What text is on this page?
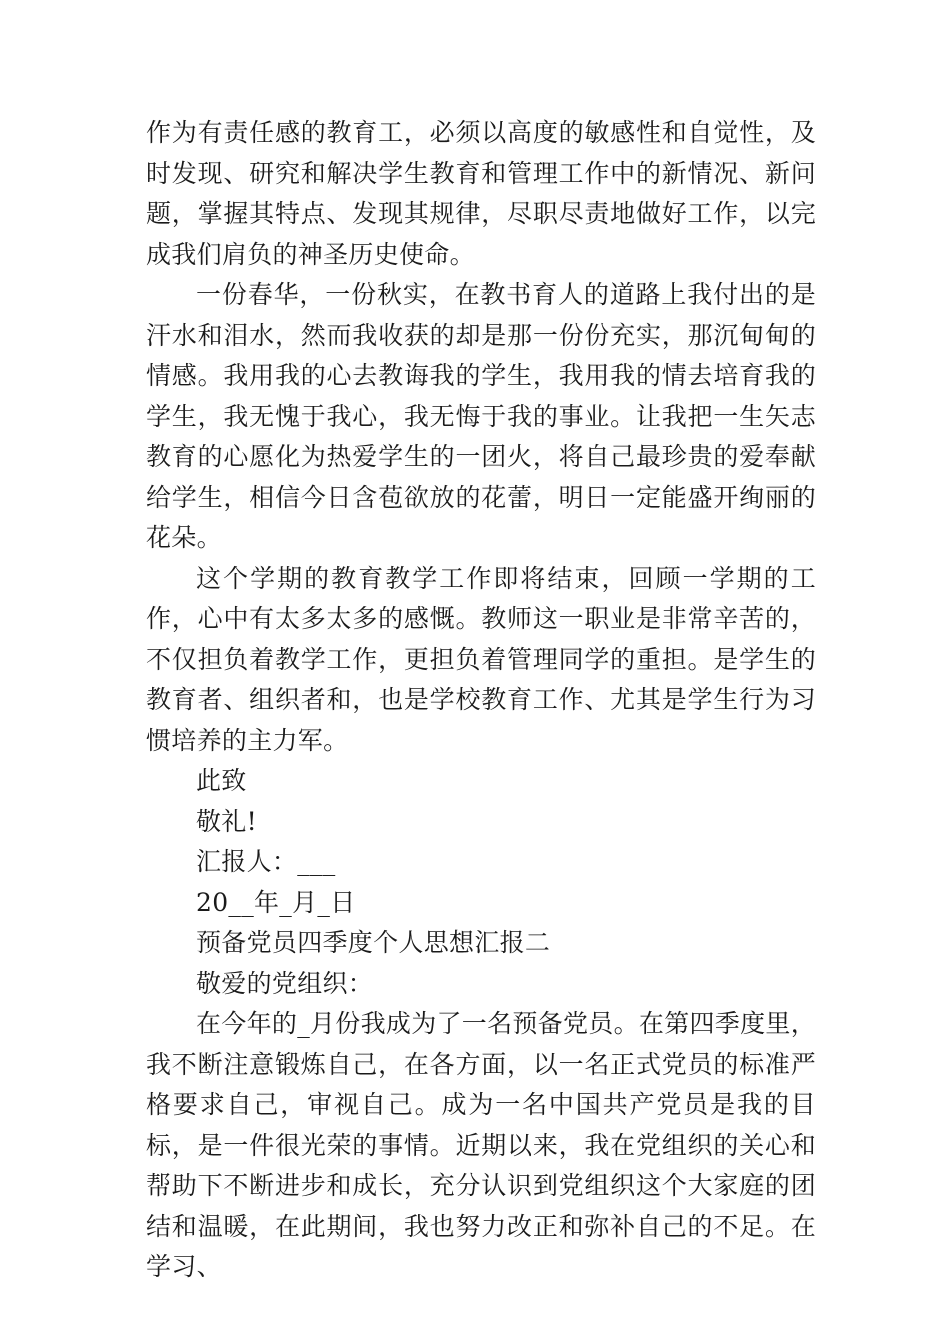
作为有责任感的教育工，必须以高度的敏感性和自觉性，及时发现、研究和解决学生教育和管理工作中的新情况、新问题，掌握其特点、发现其规律，尽职尽责地做好工作，以完成我们肩负的神圣历史使命。

一份春华，一份秋实，在教书育人的道路上我付出的是汗水和泪水，然而我收获的却是那一份份充实，那沉甸甸的情感。我用我的心去教诲我的学生，我用我的情去培育我的学生，我无愧于我心，我无悔于我的事业。让我把一生矢志教育的心愿化为热爱学生的一团火，将自己最珍贵的爱奉献给学生，相信今日含苞欲放的花蕾，明日一定能盛开绚丽的花朵。

这个学期的教育教学工作即将结束，回顾一学期的工作，心中有太多太多的感慨。教师这一职业是非常辛苦的，不仅担负着教学工作，更担负着管理同学的重担。是学生的教育者、组织者和，也是学校教育工作、尤其是学生行为习惯培养的主力军。

此致

敬礼!

汇报人：___

20__年_月_日

预备党员四季度个人思想汇报二

敬爱的党组织：

在今年的_月份我成为了一名预备党员。在第四季度里，我不断注意锻炼自己，在各方面，以一名正式党员的标准严格要求自己，审视自己。成为一名中国共产党员是我的目标，是一件很光荣的事情。近期以来，我在党组织的关心和帮助下不断进步和成长，充分认识到党组织这个大家庭的团结和温暖，在此期间，我也努力改正和弥补自己的不足。在学习、
